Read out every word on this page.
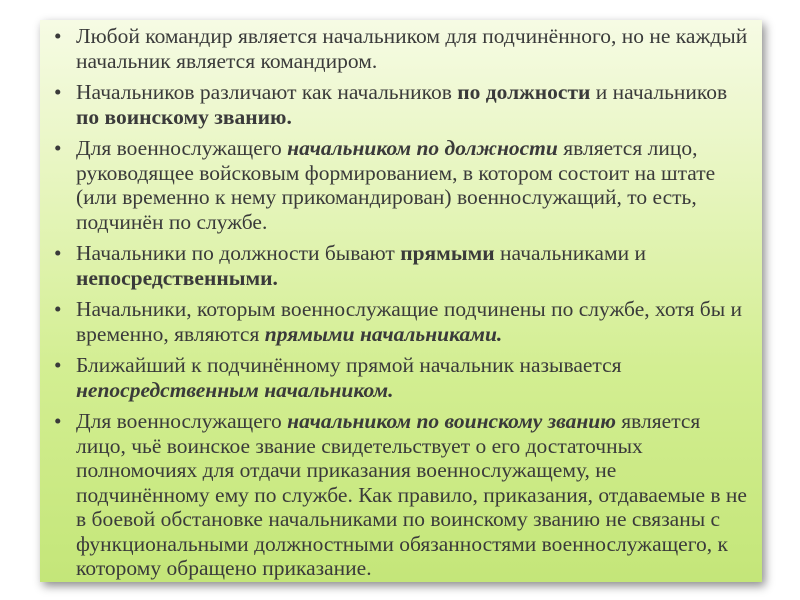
• Любой командир является начальником для подчинённого, но не каждый начальник является командиром.
• Начальников различают как начальников по должности и начальников по воинскому званию.
• Для военнослужащего начальником по должности является лицо, руководящее войсковым формированием, в котором состоит на штате (или временно к нему прикомандирован) военнослужащий, то есть, подчинён по службе.
• Начальники по должности бывают прямыми начальниками и непосредственными.
• Начальники, которым военнослужащие подчинены по службе, хотя бы и временно, являются прямыми начальниками.
• Ближайший к подчинённому прямой начальник называется непосредственным начальником.
• Для военнослужащего начальником по воинскому званию является лицо, чьё воинское звание свидетельствует о его достаточных полномочиях для отдачи приказания военнослужащему, не подчинённому ему по службе. Как правило, приказания, отдаваемые в не в боевой обстановке начальниками по воинскому званию не связаны с функциональными должностными обязанностями военнослужащего, к которому обращено приказание.
